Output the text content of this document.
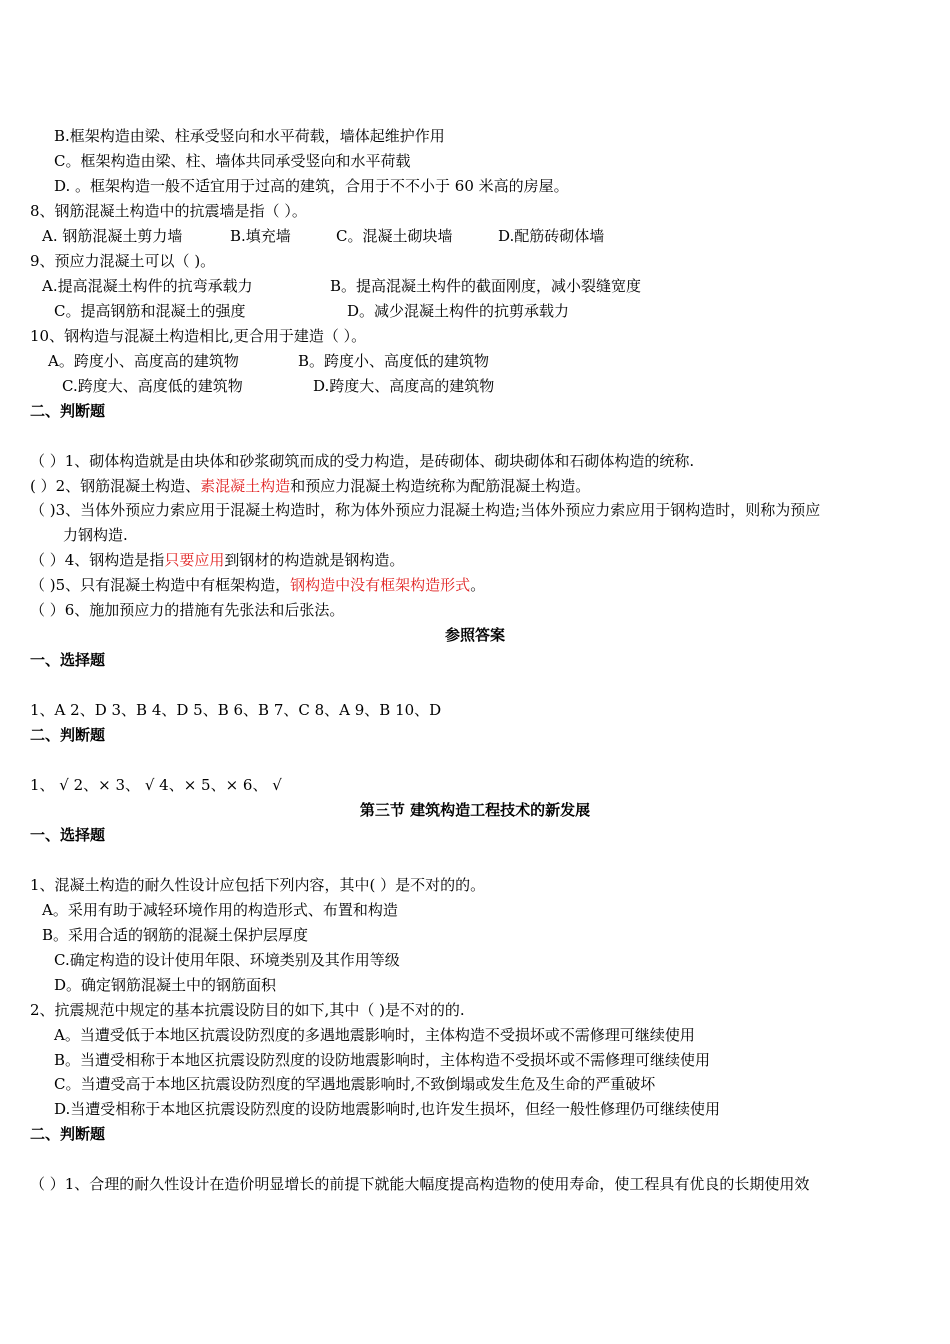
B.框架构造由梁、柱承受竖向和水平荷载，墙体起维护作用
C。框架构造由梁、柱、墙体共同承受竖向和水平荷载
D. 。框架构造一般不适宜用于过高的建筑，合用于不不小于 60 米高的房屋。
8、钢筋混凝土构造中的抗震墙是指（ ）。
A. 钢筋混凝土剪力墙	B.填充墙	C。混凝土砌块墙	D.配筋砖砌体墙
9、预应力混凝土可以（ )。
A.提高混凝土构件的抗弯承载力	B。提高混凝土构件的截面刚度，减小裂缝宽度
C。提高钢筋和混凝土的强度	D。减少混凝土构件的抗剪承载力
10、钢构造与混凝土构造相比,更合用于建造（ ）。
A。跨度小、高度高的建筑物	B。跨度小、高度低的建筑物
C.跨度大、高度低的建筑物	D.跨度大、高度高的建筑物
二、判断题
（ ）1、砌体构造就是由块体和砂浆砌筑而成的受力构造，是砖砌体、砌块砌体和石砌体构造的统称.
( ）2、钢筋混凝土构造、素混凝土构造和预应力混凝土构造统称为配筋混凝土构造。
（ )3、当体外预应力索应用于混凝土构造时，称为体外预应力混凝土构造;当体外预应力索应用于钢构造时，则称为预应
力钢构造.
（ ）4、钢构造是指只要应用到钢材的构造就是钢构造。
（ )5、只有混凝土构造中有框架构造，钢构造中没有框架构造形式。
（ ）6、施加预应力的措施有先张法和后张法。
参照答案
一、选择题
1、A 2、D 3、B 4、D 5、B 6、B 7、C 8、A 9、B 10、D
二、判断题
1、 √ 2、× 3、 √ 4、× 5、× 6、 √
第三节 建筑构造工程技术的新发展
一、选择题
1、混凝土构造的耐久性设计应包括下列内容，其中( ）是不对的的。
A。采用有助于减轻环境作用的构造形式、布置和构造
B。采用合适的钢筋的混凝土保护层厚度
C.确定构造的设计使用年限、环境类别及其作用等级
D。确定钢筋混凝土中的钢筋面积
2、抗震规范中规定的基本抗震设防目的如下,其中（ )是不对的的.
A。当遭受低于本地区抗震设防烈度的多遇地震影响时，主体构造不受损坏或不需修理可继续使用
B。当遭受相称于本地区抗震设防烈度的设防地震影响时，主体构造不受损坏或不需修理可继续使用
C。当遭受高于本地区抗震设防烈度的罕遇地震影响时,不致倒塌或发生危及生命的严重破坏
D.当遭受相称于本地区抗震设防烈度的设防地震影响时,也许发生损坏，但经一般性修理仍可继续使用
二、判断题
（ ）1、合理的耐久性设计在造价明显增长的前提下就能大幅度提高构造物的使用寿命，使工程具有优良的长期使用效
